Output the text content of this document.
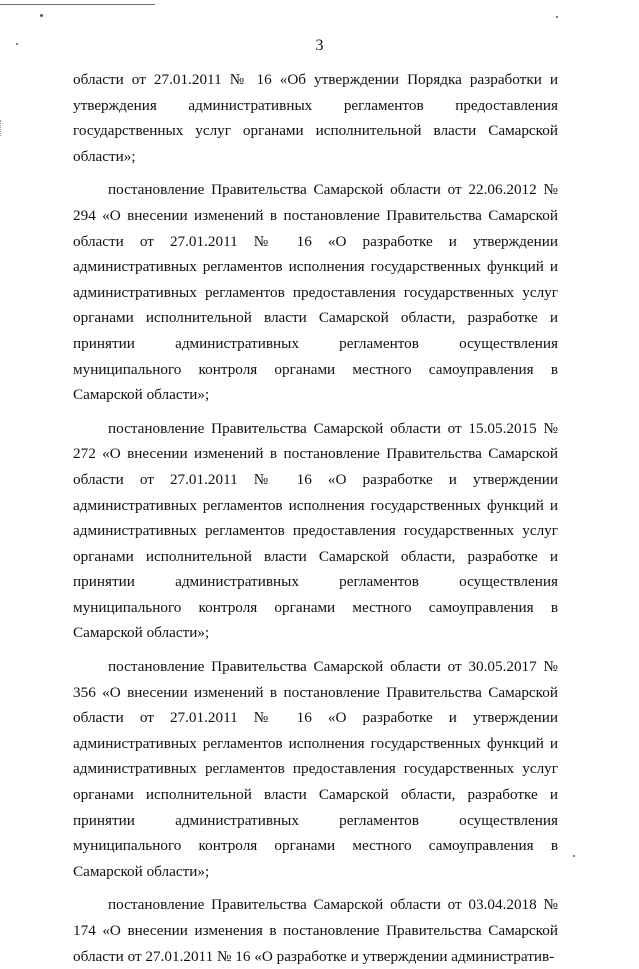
3

области от 27.01.2011 № 16 «Об утверждении Порядка разработки и утверждения административных регламентов предоставления государственных услуг органами исполнительной власти Самарской области»;

постановление Правительства Самарской области от 22.06.2012 № 294 «О внесении изменений в постановление Правительства Самарской области от 27.01.2011 № 16 «О разработке и утверждении административных регламентов исполнения государственных функций и административных регламентов предоставления государственных услуг органами исполнительной власти Самарской области, разработке и принятии административных регламентов осуществления муниципального контроля органами местного самоуправления в Самарской области»;

постановление Правительства Самарской области от 15.05.2015 № 272 «О внесении изменений в постановление Правительства Самарской области от 27.01.2011 № 16 «О разработке и утверждении административных регламентов исполнения государственных функций и административных регламентов предоставления государственных услуг органами исполнительной власти Самарской области, разработке и принятии административных регламентов осуществления муниципального контроля органами местного самоуправления в Самарской области»;

постановление Правительства Самарской области от 30.05.2017 № 356 «О внесении изменений в постановление Правительства Самарской области от 27.01.2011 № 16 «О разработке и утверждении административных регламентов исполнения государственных функций и административных регламентов предоставления государственных услуг органами исполнительной власти Самарской области, разработке и принятии административных регламентов осуществления муниципального контроля органами местного самоуправления в Самарской области»;

постановление Правительства Самарской области от 03.04.2018 № 174 «О внесении изменения в постановление Правительства Самарской области от 27.01.2011 № 16 «О разработке и утверждении административ-
